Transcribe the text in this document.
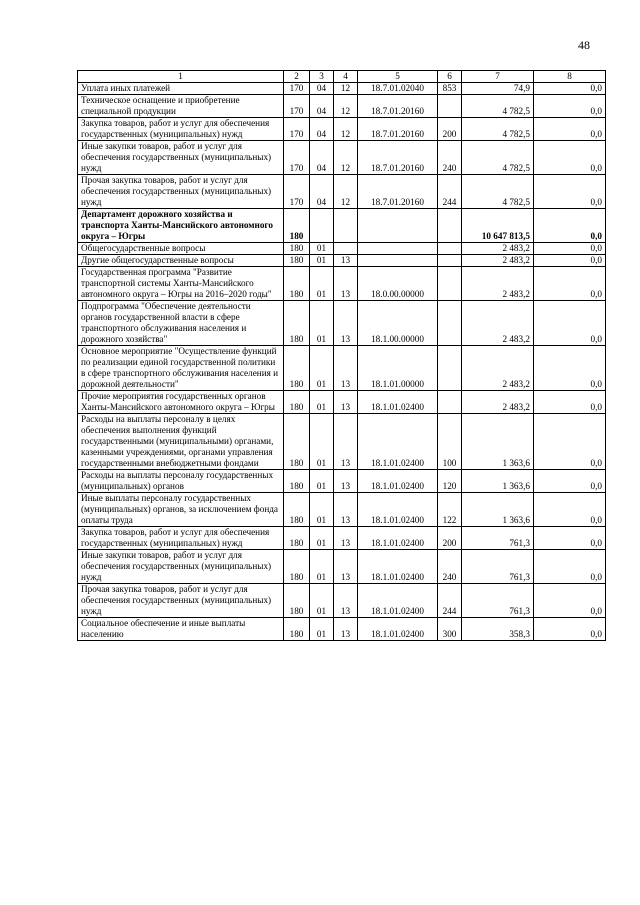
48
1	2	3	4	5	6	7	8
Уплата иных платежей	170	04	12	18.7.01.02040	853	74,9	0,0
Техническое оснащение и приобретение специальной продукции	170	04	12	18.7.01.20160		4 782,5	0,0
Закупка товаров, работ и услуг для обеспечения государственных (муниципальных) нужд	170	04	12	18.7.01.20160	200	4 782,5	0,0
Иные закупки товаров, работ и услуг для обеспечения государственных (муниципальных) нужд	170	04	12	18.7.01.20160	240	4 782,5	0,0
Прочая закупка товаров, работ и услуг для обеспечения государственных (муниципальных) нужд	170	04	12	18.7.01.20160	244	4 782,5	0,0
Департамент дорожного хозяйства и транспорта Ханты-Мансийского автономного округа – Югры	180					10 647 813,5	0,0
Общегосударственные вопросы	180	01				2 483,2	0,0
Другие общегосударственные вопросы	180	01	13			2 483,2	0,0
Государственная программа "Развитие транспортной системы Ханты-Мансийского автономного округа – Югры на 2016–2020 годы"	180	01	13	18.0.00.00000		2 483,2	0,0
Подпрограмма "Обеспечение деятельности органов государственной власти в сфере транспортного обслуживания населения и дорожного хозяйства"	180	01	13	18.1.00.00000		2 483,2	0,0
Основное мероприятие "Осуществление функций по реализации единой государственной политики в сфере транспортного обслуживания населения и дорожной деятельности"	180	01	13	18.1.01.00000		2 483,2	0,0
Прочие мероприятия государственных органов Ханты-Мансийского автономного округа – Югры	180	01	13	18.1.01.02400		2 483,2	0,0
Расходы на выплаты персоналу в целях обеспечения выполнения функций государственными (муниципальными) органами, казенными учреждениями, органами управления государственными внебюджетными фондами	180	01	13	18.1.01.02400	100	1 363,6	0,0
Расходы на выплаты персоналу государственных (муниципальных) органов	180	01	13	18.1.01.02400	120	1 363,6	0,0
Иные выплаты персоналу государственных (муниципальных) органов, за исключением фонда оплаты труда	180	01	13	18.1.01.02400	122	1 363,6	0,0
Закупка товаров, работ и услуг для обеспечения государственных (муниципальных) нужд	180	01	13	18.1.01.02400	200	761,3	0,0
Иные закупки товаров, работ и услуг для обеспечения государственных (муниципальных) нужд	180	01	13	18.1.01.02400	240	761,3	0,0
Прочая закупка товаров, работ и услуг для обеспечения государственных (муниципальных) нужд	180	01	13	18.1.01.02400	244	761,3	0,0
Социальное обеспечение и иные выплаты населению	180	01	13	18.1.01.02400	300	358,3	0,0
